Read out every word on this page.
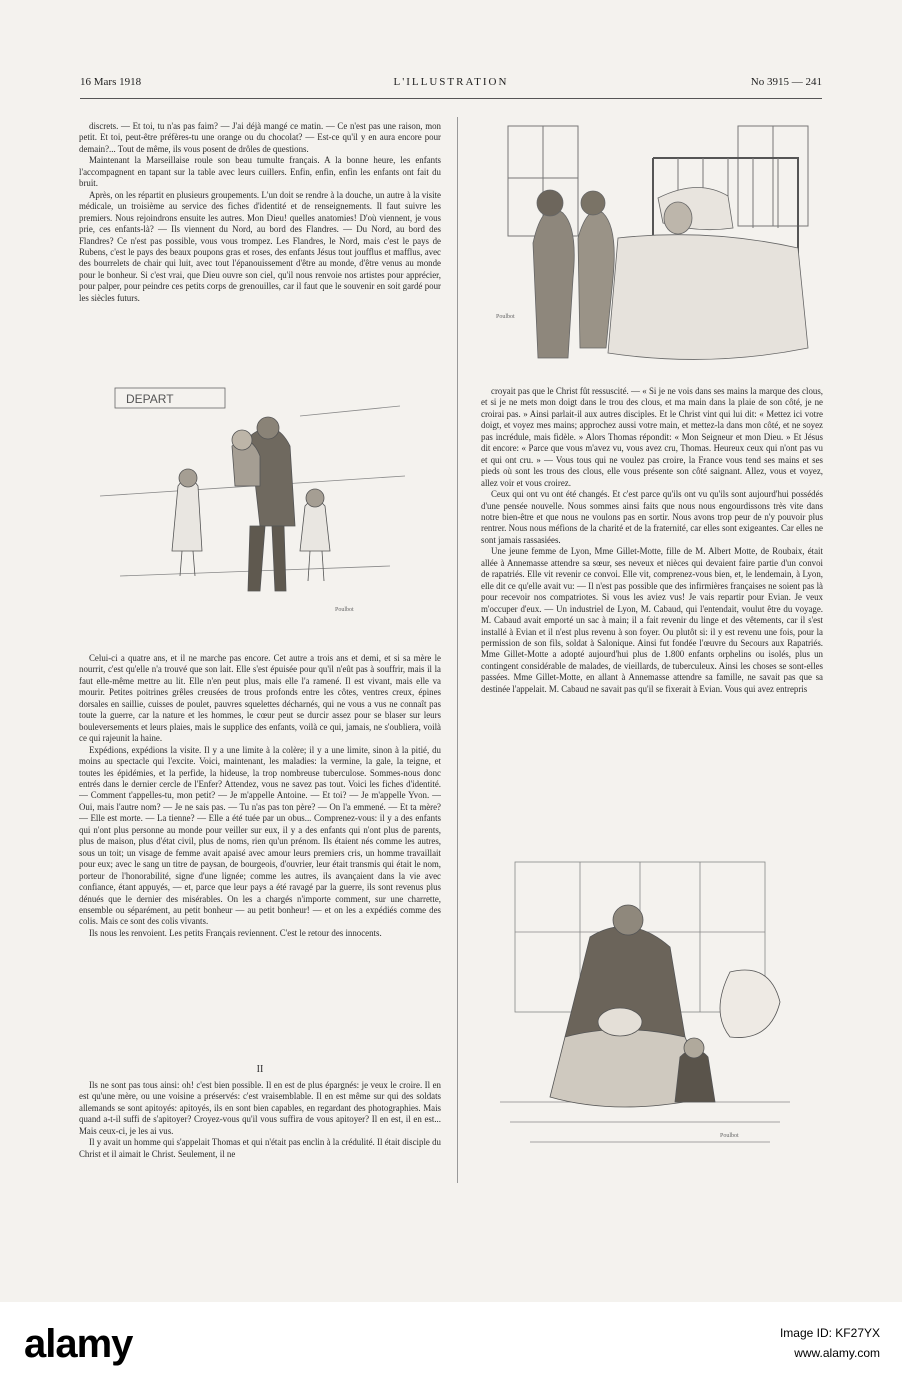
16 Mars 1918	L'ILLUSTRATION	No 3915 — 241

discrets. — Et toi, tu n'as pas faim? — J'ai déjà mangé ce matin. — Ce n'est pas une raison, mon petit. Et toi, peut-être préfères-tu une orange ou du chocolat? — Est-ce qu'il y en aura encore pour demain?... Tout de même, ils vous posent de drôles de questions.

Maintenant la Marseillaise roule son beau tumulte français. A la bonne heure, les enfants l'accompagnent en tapant sur la table avec leurs cuillers. Enfin, enfin, enfin les enfants ont fait du bruit.

Après, on les répartit en plusieurs groupements. L'un doit se rendre à la douche, un autre à la visite médicale, un troisième au service des fiches d'identité et de renseignements. Il faut suivre les premiers. Nous rejoindrons ensuite les autres. Mon Dieu! quelles anatomies! D'où viennent, je vous prie, ces enfants-là? — Ils viennent du Nord, au bord des Flandres. — Du Nord, au bord des Flandres? Ce n'est pas possible, vous vous trompez. Les Flandres, le Nord, mais c'est le pays de Rubens, c'est le pays des beaux poupons gras et roses, des enfants Jésus tout joufflus et mafflus, avec des bourrelets de chair qui luit, avec tout l'épanouissement d'être au monde, d'être venus au monde pour le bonheur. Si c'est vrai, que Dieu ouvre son ciel, qu'il nous renvoie nos artistes pour apprécier, pour palper, pour peindre ces petits corps de grenouilles, car il faut que le souvenir en soit gardé pour les siècles futurs.

Poulbot
DEPART
Poulbot

Celui-ci a quatre ans, et il ne marche pas encore. Cet autre a trois ans et demi, et si sa mère le nourrit, c'est qu'elle n'a trouvé que son lait. Elle s'est épuisée pour qu'il n'eût pas à souffrir, mais il la faut elle-même mettre au lit. Elle n'en peut plus, mais elle l'a ramené. Il est vivant, mais elle va mourir. Petites poitrines grêles creusées de trous profonds entre les côtes, ventres creux, épines dorsales en saillie, cuisses de poulet, pauvres squelettes décharnés, qui ne vous a vus ne connaît pas toute la guerre, car la nature et les hommes, le cœur peut se durcir assez pour se blaser sur leurs bouleversements et leurs plaies, mais le supplice des enfants, voilà ce qui, jamais, ne s'oubliera, voilà ce qui rajeunit la haine.

Expédions, expédions la visite. Il y a une limite à la colère; il y a une limite, sinon à la pitié, du moins au spectacle qui l'excite. Voici, maintenant, les maladies: la vermine, la gale, la teigne, et toutes les épidémies, et la perfide, la hideuse, la trop nombreuse tuberculose. Sommes-nous donc entrés dans le dernier cercle de l'Enfer? Attendez, vous ne savez pas tout. Voici les fiches d'identité. — Comment t'appelles-tu, mon petit? — Je m'appelle Antoine. — Et toi? — Je m'appelle Yvon. — Oui, mais l'autre nom? — Je ne sais pas. — Tu n'as pas ton père? — On l'a emmené. — Et ta mère? — Elle est morte. — La tienne? — Elle a été tuée par un obus... Comprenez-vous: il y a des enfants qui n'ont plus personne au monde pour veiller sur eux, il y a des enfants qui n'ont plus de parents, plus de maison, plus d'état civil, plus de noms, rien qu'un prénom. Ils étaient nés comme les autres, sous un toit; un visage de femme avait apaisé avec amour leurs premiers cris, un homme travaillait pour eux; avec le sang un titre de paysan, de bourgeois, d'ouvrier, leur était transmis qui était le nom, porteur de l'honorabilité, signe d'une lignée; comme les autres, ils avançaient dans la vie avec confiance, étant appuyés, — et, parce que leur pays a été ravagé par la guerre, ils sont revenus plus dénués que le dernier des misérables. On les a chargés n'importe comment, sur une charrette, ensemble ou séparément, au petit bonheur — au petit bonheur! — et on les a expédiés comme des colis. Mais ce sont des colis vivants.

Ils nous les renvoient. Les petits Français reviennent. C'est le retour des innocents.

II

Ils ne sont pas tous ainsi: oh! c'est bien possible. Il en est de plus épargnés: je veux le croire. Il en est qu'une mère, ou une voisine a préservés: c'est vraisemblable. Il en est même sur qui des soldats allemands se sont apitoyés: apitoyés, ils en sont bien capables, en regardant des photographies. Mais quand a-t-il suffi de s'apitoyer? Croyez-vous qu'il vous suffira de vous apitoyer? Il en est, il en est... Mais ceux-ci, je les ai vus.

Il y avait un homme qui s'appelait Thomas et qui n'était pas enclin à la crédulité. Il était disciple du Christ et il aimait le Christ. Seulement, il ne

croyait pas que le Christ fût ressuscité. — « Si je ne vois dans ses mains la marque des clous, et si je ne mets mon doigt dans le trou des clous, et ma main dans la plaie de son côté, je ne croirai pas. » Ainsi parlait-il aux autres disciples. Et le Christ vint qui lui dit: « Mettez ici votre doigt, et voyez mes mains; approchez aussi votre main, et mettez-la dans mon côté, et ne soyez pas incrédule, mais fidèle. » Alors Thomas répondit: « Mon Seigneur et mon Dieu. » Et Jésus dit encore: « Parce que vous m'avez vu, vous avez cru, Thomas. Heureux ceux qui n'ont pas vu et qui ont cru. » — Vous tous qui ne voulez pas croire, la France vous tend ses mains et ses pieds où sont les trous des clous, elle vous présente son côté saignant. Allez, vous et voyez, allez voir et vous croirez.

Ceux qui ont vu ont été changés. Et c'est parce qu'ils ont vu qu'ils sont aujourd'hui possédés d'une pensée nouvelle. Nous sommes ainsi faits que nous nous engourdissons très vite dans notre bien-être et que nous ne voulons pas en sortir. Nous avons trop peur de n'y pouvoir plus rentrer. Nous nous méfions de la charité et de la fraternité, car elles sont exigeantes. Car elles ne sont jamais rassasiées.

Une jeune femme de Lyon, Mme Gillet-Motte, fille de M. Albert Motte, de Roubaix, était allée à Annemasse attendre sa sœur, ses neveux et nièces qui devaient faire partie d'un convoi de rapatriés. Elle vit revenir ce convoi. Elle vit, comprenez-vous bien, et, le lendemain, à Lyon, elle dit ce qu'elle avait vu: — Il n'est pas possible que des infirmières françaises ne soient pas là pour recevoir nos compatriotes. Si vous les aviez vus! Je vais repartir pour Evian. Je veux m'occuper d'eux. — Un industriel de Lyon, M. Cabaud, qui l'entendait, voulut être du voyage. M. Cabaud avait emporté un sac à main; il a fait revenir du linge et des vêtements, car il s'est installé à Evian et il n'est plus revenu à son foyer. Ou plutôt si: il y est revenu une fois, pour la permission de son fils, soldat à Salonique. Ainsi fut fondée l'œuvre du Secours aux Rapatriés. Mme Gillet-Motte a adopté aujourd'hui plus de 1.800 enfants orphelins ou isolés, plus un contingent considérable de malades, de vieillards, de tuberculeux. Ainsi les choses se sont-elles passées. Mme Gillet-Motte, en allant à Annemasse attendre sa famille, ne savait pas que sa destinée l'appelait. M. Cabaud ne savait pas qu'il se fixerait à Evian. Vous qui avez entrepris

Poulbot
alamy	Image ID: KF27YX
www.alamy.com
